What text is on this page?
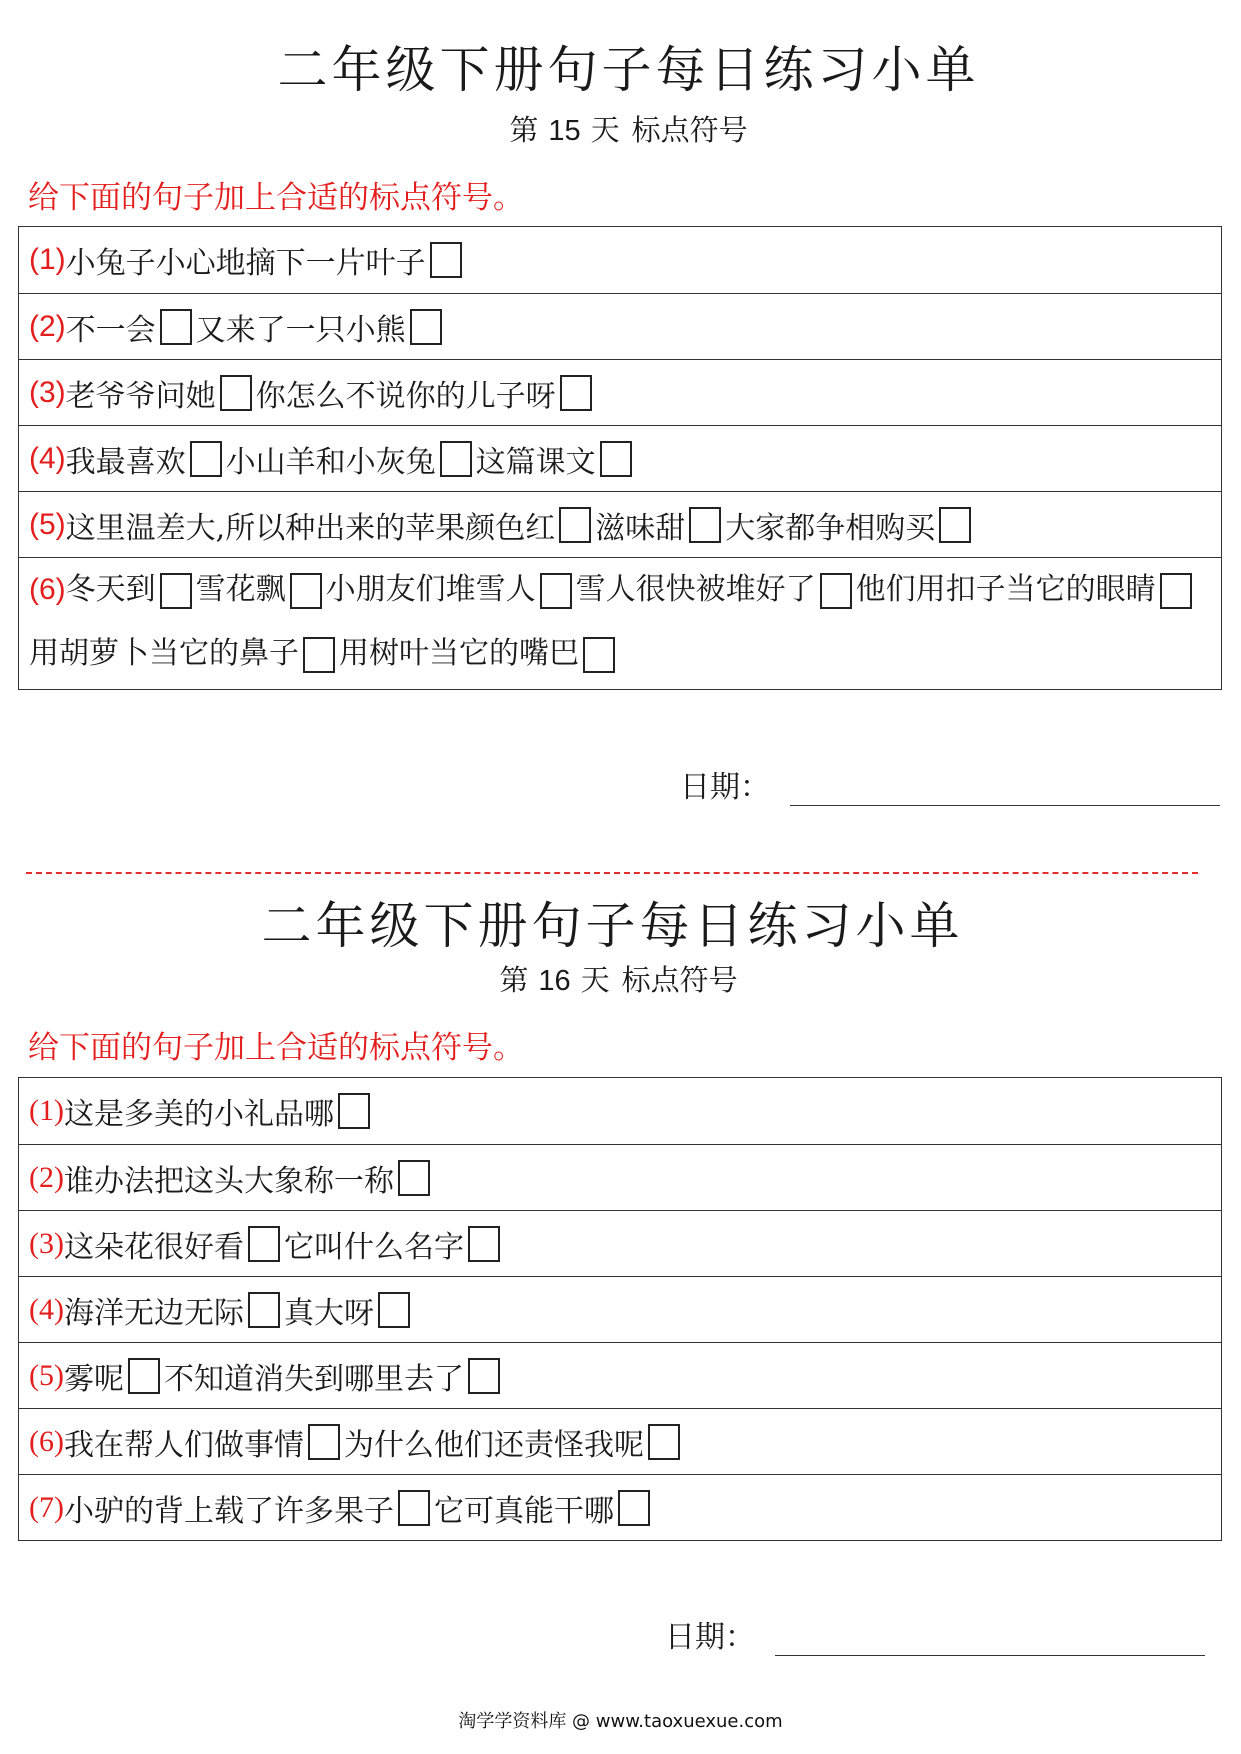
二年级下册句子每日练习小单
第 15 天 标点符号
给下面的句子加上合适的标点符号。
(1) 小兔子小心地摘下一片叶子
(2) 不一会 又来了一只小熊
(3) 老爷爷问她 你怎么不说你的儿子呀
(4) 我最喜欢 小山羊和小灰兔 这篇课文
(5) 这里温差大,所以种出来的苹果颜色红 滋味甜 大家都争相购买
(6)冬天到 雪花飘 小朋友们堆雪人 雪人很快被堆好了 他们用扣子当它的眼睛用胡萝卜当它的鼻子 用树叶当它的嘴巴
日期：
二年级下册句子每日练习小单
第 16 天 标点符号
给下面的句子加上合适的标点符号。
(1) 这是多美的小礼品哪
(2) 谁办法把这头大象称一称
(3) 这朵花很好看 它叫什么名字
(4) 海洋无边无际 真大呀
(5) 雾呢 不知道消失到哪里去了
(6) 我在帮人们做事情 为什么他们还责怪我呢
(7) 小驴的背上载了许多果子 它可真能干哪
日期：
淘学学资料库 @ www.taoxuexue.com
